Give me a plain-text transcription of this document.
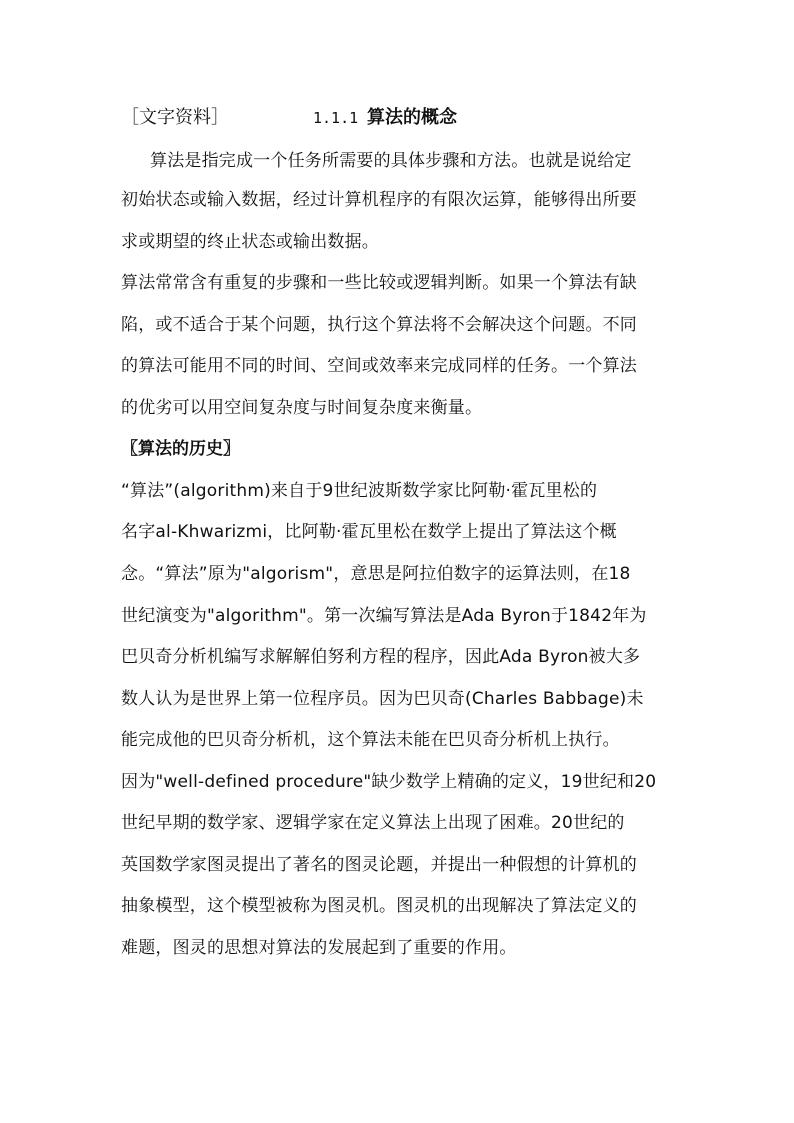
［文字资料］	1.1.1 算法的概念
算法是指完成一个任务所需要的具体步骤和方法。也就是说给定
初始状态或输入数据，经过计算机程序的有限次运算，能够得出所要
求或期望的终止状态或输出数据。
算法常常含有重复的步骤和一些比较或逻辑判断。如果一个算法有缺
陷，或不适合于某个问题，执行这个算法将不会解决这个问题。不同
的算法可能用不同的时间、空间或效率来完成同样的任务。一个算法
的优劣可以用空间复杂度与时间复杂度来衡量。
〖算法的历史〗
“算法”(algorithm)来自于9世纪波斯数学家比阿勒·霍瓦里松的
名字al-Khwarizmi，比阿勒·霍瓦里松在数学上提出了算法这个概
念。“算法”原为"algorism"，意思是阿拉伯数字的运算法则，在18
世纪演变为"algorithm"。第一次编写算法是Ada Byron于1842年为
巴贝奇分析机编写求解解伯努利方程的程序，因此Ada Byron被大多
数人认为是世界上第一位程序员。因为巴贝奇(Charles Babbage)未
能完成他的巴贝奇分析机，这个算法未能在巴贝奇分析机上执行。
因为"well-defined procedure"缺少数学上精确的定义，19世纪和20
世纪早期的数学家、逻辑学家在定义算法上出现了困难。20世纪的
英国数学家图灵提出了著名的图灵论题，并提出一种假想的计算机的
抽象模型，这个模型被称为图灵机。图灵机的出现解决了算法定义的
难题，图灵的思想对算法的发展起到了重要的作用。
